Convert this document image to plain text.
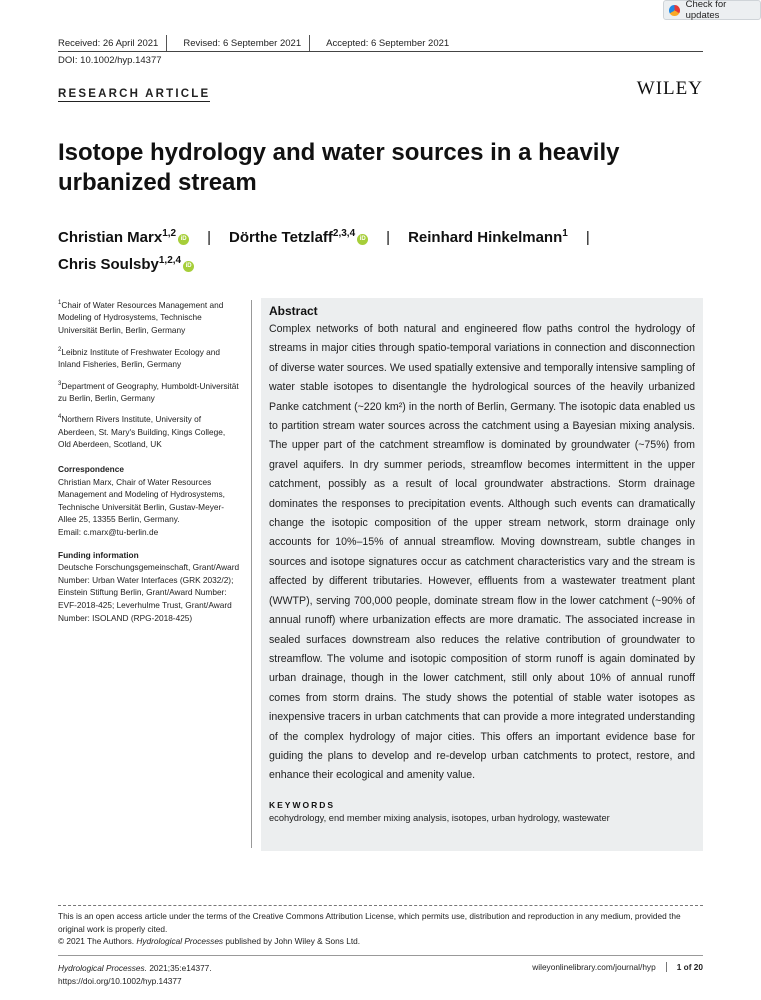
Check for updates
Received: 26 April 2021	Revised: 6 September 2021	Accepted: 6 September 2021
DOI: 10.1002/hyp.14377
WILEY
RESEARCH ARTICLE
Isotope hydrology and water sources in a heavily urbanized stream
Christian Marx$^{1,2}$ iD | Dörthe Tetzlaff$^{2,3,4}$ iD | Reinhard Hinkelmann$^1$ |
Chris Soulsby$^{1,2,4}$ iD

$^1$Chair of Water Resources Management and Modeling of Hydrosystems, Technische Universität Berlin, Berlin, Germany

$^2$Leibniz Institute of Freshwater Ecology and Inland Fisheries, Berlin, Germany

$^3$Department of Geography, Humboldt-Universität zu Berlin, Berlin, Germany

$^4$Northern Rivers Institute, University of Aberdeen, St. Mary's Building, Kings College, Old Aberdeen, Scotland, UK

Correspondence

Christian Marx, Chair of Water Resources Management and Modeling of Hydrosystems, Technische Universität Berlin, Gustav-Meyer-Allee 25, 13355 Berlin, Germany.

Email: c.marx@tu-berlin.de

Funding information

Deutsche Forschungsgemeinschaft, Grant/Award Number: Urban Water Interfaces (GRK 2032/2); Einstein Stiftung Berlin, Grant/Award Number: EVF-2018-425; Leverhulme Trust, Grant/Award Number: ISOLAND (RPG-2018-425)

Abstract
Complex networks of both natural and engineered flow paths control the hydrology of streams in major cities through spatio-temporal variations in connection and disconnection of diverse water sources. We used spatially extensive and temporally intensive sampling of water stable isotopes to disentangle the hydrological sources of the heavily urbanized Panke catchment (~220 km²) in the north of Berlin, Germany. The isotopic data enabled us to partition stream water sources across the catchment using a Bayesian mixing analysis. The upper part of the catchment streamflow is dominated by groundwater (~75%) from gravel aquifers. In dry summer periods, streamflow becomes intermittent in the upper catchment, possibly as a result of local groundwater abstractions. Storm drainage dominates the responses to precipitation events. Although such events can dramatically change the isotopic composition of the upper stream network, storm drainage only accounts for 10%–15% of annual streamflow. Moving downstream, subtle changes in sources and isotope signatures occur as catchment characteristics vary and the stream is affected by different tributaries. However, effluents from a wastewater treatment plant (WWTP), serving 700,000 people, dominate stream flow in the lower catchment (~90% of annual runoff) where urbanization effects are more dramatic. The associated increase in sealed surfaces downstream also reduces the relative contribution of groundwater to streamflow. The volume and isotopic composition of storm runoff is again dominated by urban drainage, though in the lower catchment, still only about 10% of annual runoff comes from storm drains. The study shows the potential of stable water isotopes as inexpensive tracers in urban catchments that can provide a more integrated understanding of the complex hydrology of major cities. This offers an important evidence base for guiding the plans to develop and re-develop urban catchments to protect, restore, and enhance their ecological and amenity value.
KEYWORDS
ecohydrology, end member mixing analysis, isotopes, urban hydrology, wastewater
This is an open access article under the terms of the Creative Commons Attribution License, which permits use, distribution and reproduction in any medium, provided the original work is properly cited.
© 2021 The Authors. Hydrological Processes published by John Wiley & Sons Ltd.
Hydrological Processes. 2021;35:e14377.
https://doi.org/10.1002/hyp.14377
wileyonlinelibrary.com/journal/hyp	1 of 20
